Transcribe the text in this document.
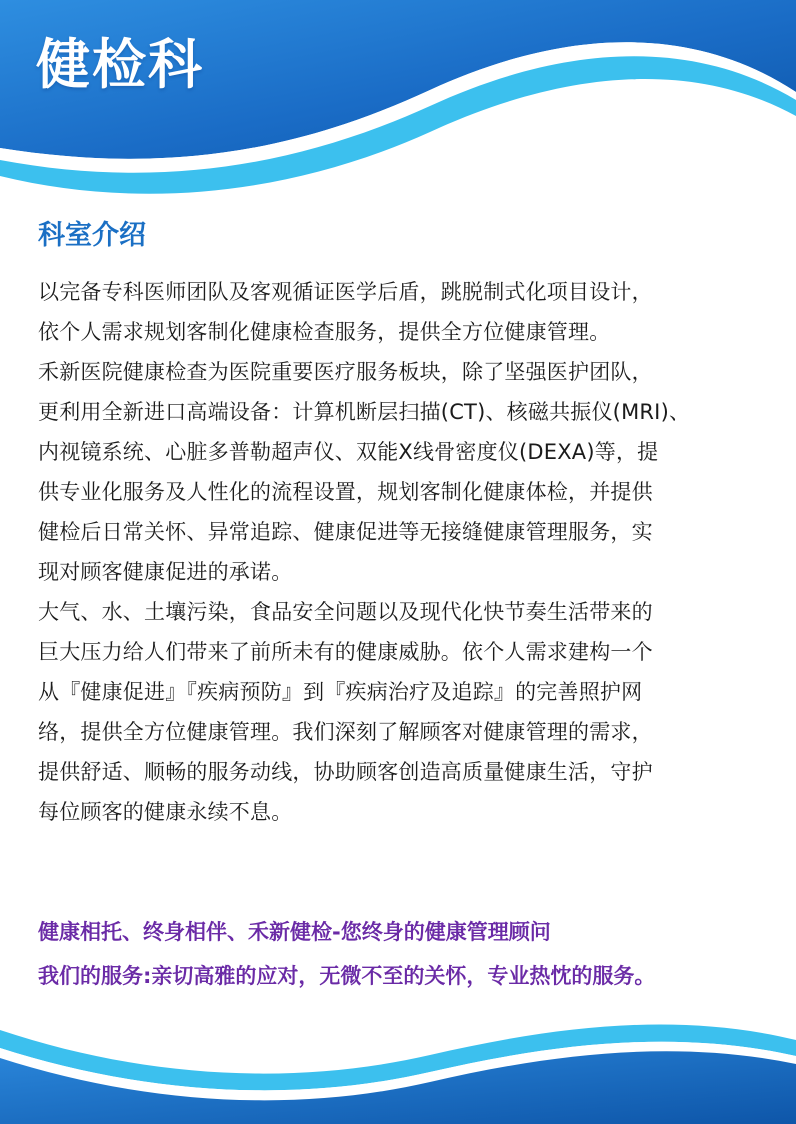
健检科
科室介绍
以完备专科医师团队及客观循证医学后盾，跳脱制式化项目设计，
依个人需求规划客制化健康检查服务，提供全方位健康管理。
禾新医院健康检查为医院重要医疗服务板块，除了坚强医护团队，
更利用全新进口高端设备：计算机断层扫描(CT)、核磁共振仪(MRI)、
内视镜系统、心脏多普勒超声仪、双能X线骨密度仪(DEXA)等，提
供专业化服务及人性化的流程设置，规划客制化健康体检，并提供
健检后日常关怀、异常追踪、健康促进等无接缝健康管理服务，实
现对顾客健康促进的承诺。
大气、水、土壤污染，食品安全问题以及现代化快节奏生活带来的
巨大压力给人们带来了前所未有的健康威胁。依个人需求建构一个
从『健康促进』『疾病预防』到『疾病治疗及追踪』的完善照护网
络，提供全方位健康管理。我们深刻了解顾客对健康管理的需求，
提供舒适、顺畅的服务动线，协助顾客创造高质量健康生活，守护
每位顾客的健康永续不息。
健康相托、终身相伴、禾新健检-您终身的健康管理顾问
我们的服务:亲切高雅的应对，无微不至的关怀，专业热忱的服务。
